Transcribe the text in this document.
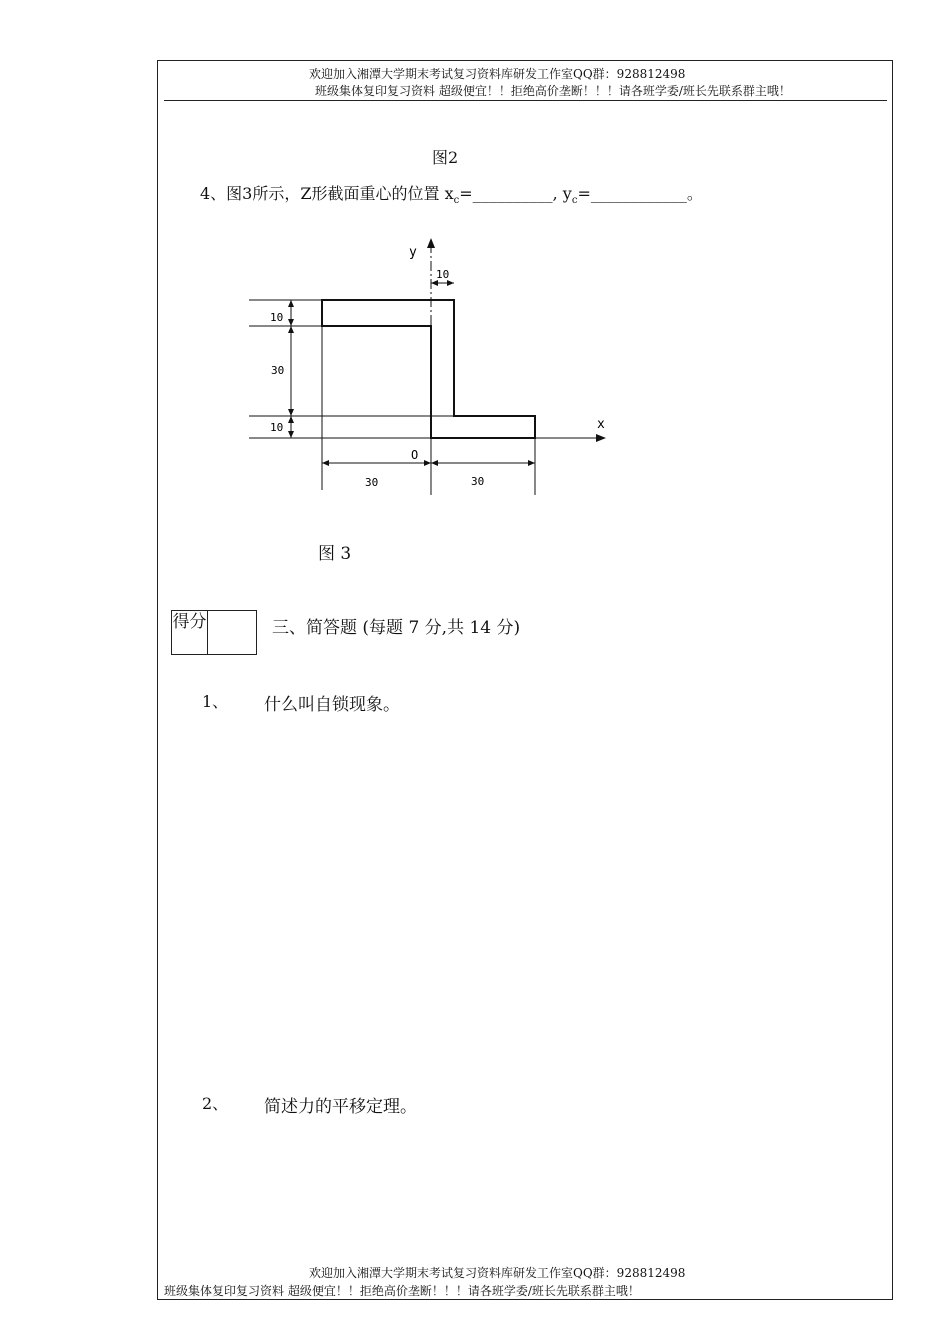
欢迎加入湘潭大学期末考试复习资料库研发工作室QQ群：928812498
班级集体复印复习资料 超级便宜！！拒绝高价垄断！！！请各班学委/班长先联系群主哦！
图2
4、图3所示，Z形截面重心的位置 $x_c=\_\_\_\_\_\_\_\_\_\_$, $y_c=\_\_\_\_\_\_\_\_\_\_\_\_$。
y
x
O
10
10
30
10
30	30
图 3
得分	三、简答题 (每题 7 分,共 14 分)
1、 什么叫自锁现象。
2、 简述力的平移定理。
欢迎加入湘潭大学期末考试复习资料库研发工作室QQ群：928812498
班级集体复印复习资料 超级便宜！！拒绝高价垄断！！！请各班学委/班长先联系群主哦！
